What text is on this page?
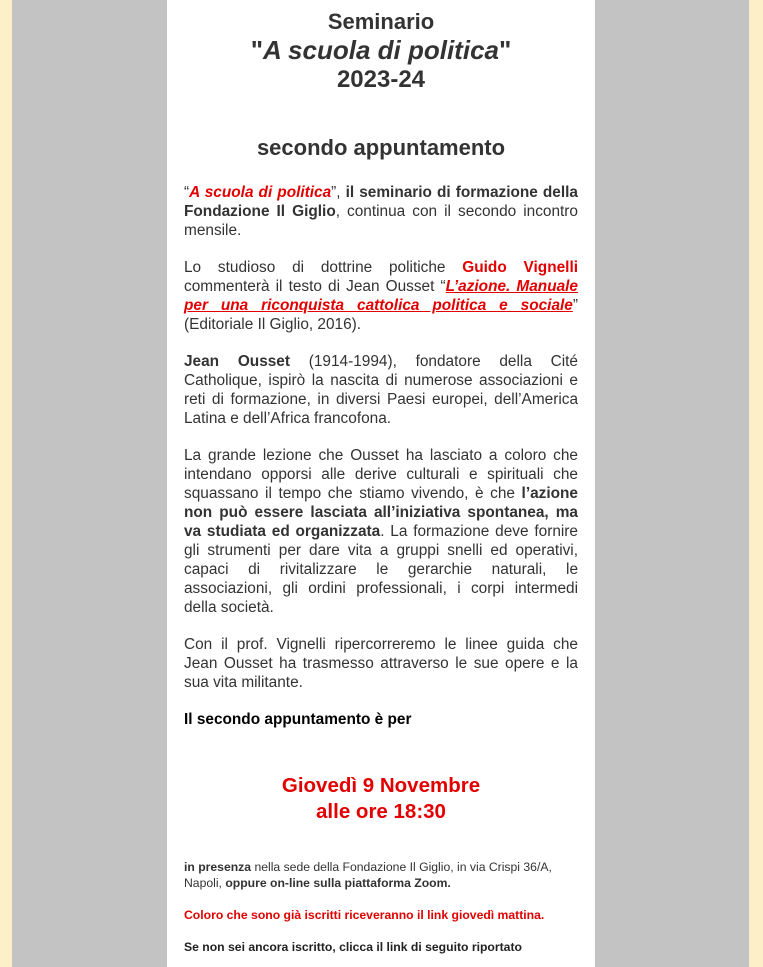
Seminario
"A scuola di politica"
2023-24
secondo appuntamento

“A scuola di politica”, il seminario di formazione della Fondazione Il Giglio, continua con il secondo incontro mensile.

Lo studioso di dottrine politiche Guido Vignelli commenterà il testo di Jean Ousset “L’azione. Manuale per una riconquista cattolica politica e sociale” (Editoriale Il Giglio, 2016).

Jean Ousset (1914-1994), fondatore della Cité Catholique, ispirò la nascita di numerose associazioni e reti di formazione, in diversi Paesi europei, dell’America Latina e dell’Africa francofona.

La grande lezione che Ousset ha lasciato a coloro che intendano opporsi alle derive culturali e spirituali che squassano il tempo che stiamo vivendo, è che l’azione non può essere lasciata all’iniziativa spontanea, ma va studiata ed organizzata. La formazione deve fornire gli strumenti per dare vita a gruppi snelli ed operativi, capaci di rivitalizzare le gerarchie naturali, le associazioni, gli ordini professionali, i corpi intermedi della società.

Con il prof. Vignelli ripercorreremo le linee guida che Jean Ousset ha trasmesso attraverso le sue opere e la sua vita militante.

Il secondo appuntamento è per

Giovedì 9 Novembre
alle ore 18:30

in presenza nella sede della Fondazione Il Giglio, in via Crispi 36/A, Napoli, oppure on-line sulla piattaforma Zoom.

Coloro che sono già iscritti riceveranno il link giovedì mattina.

Se non sei ancora iscritto, clicca il link di seguito riportato
